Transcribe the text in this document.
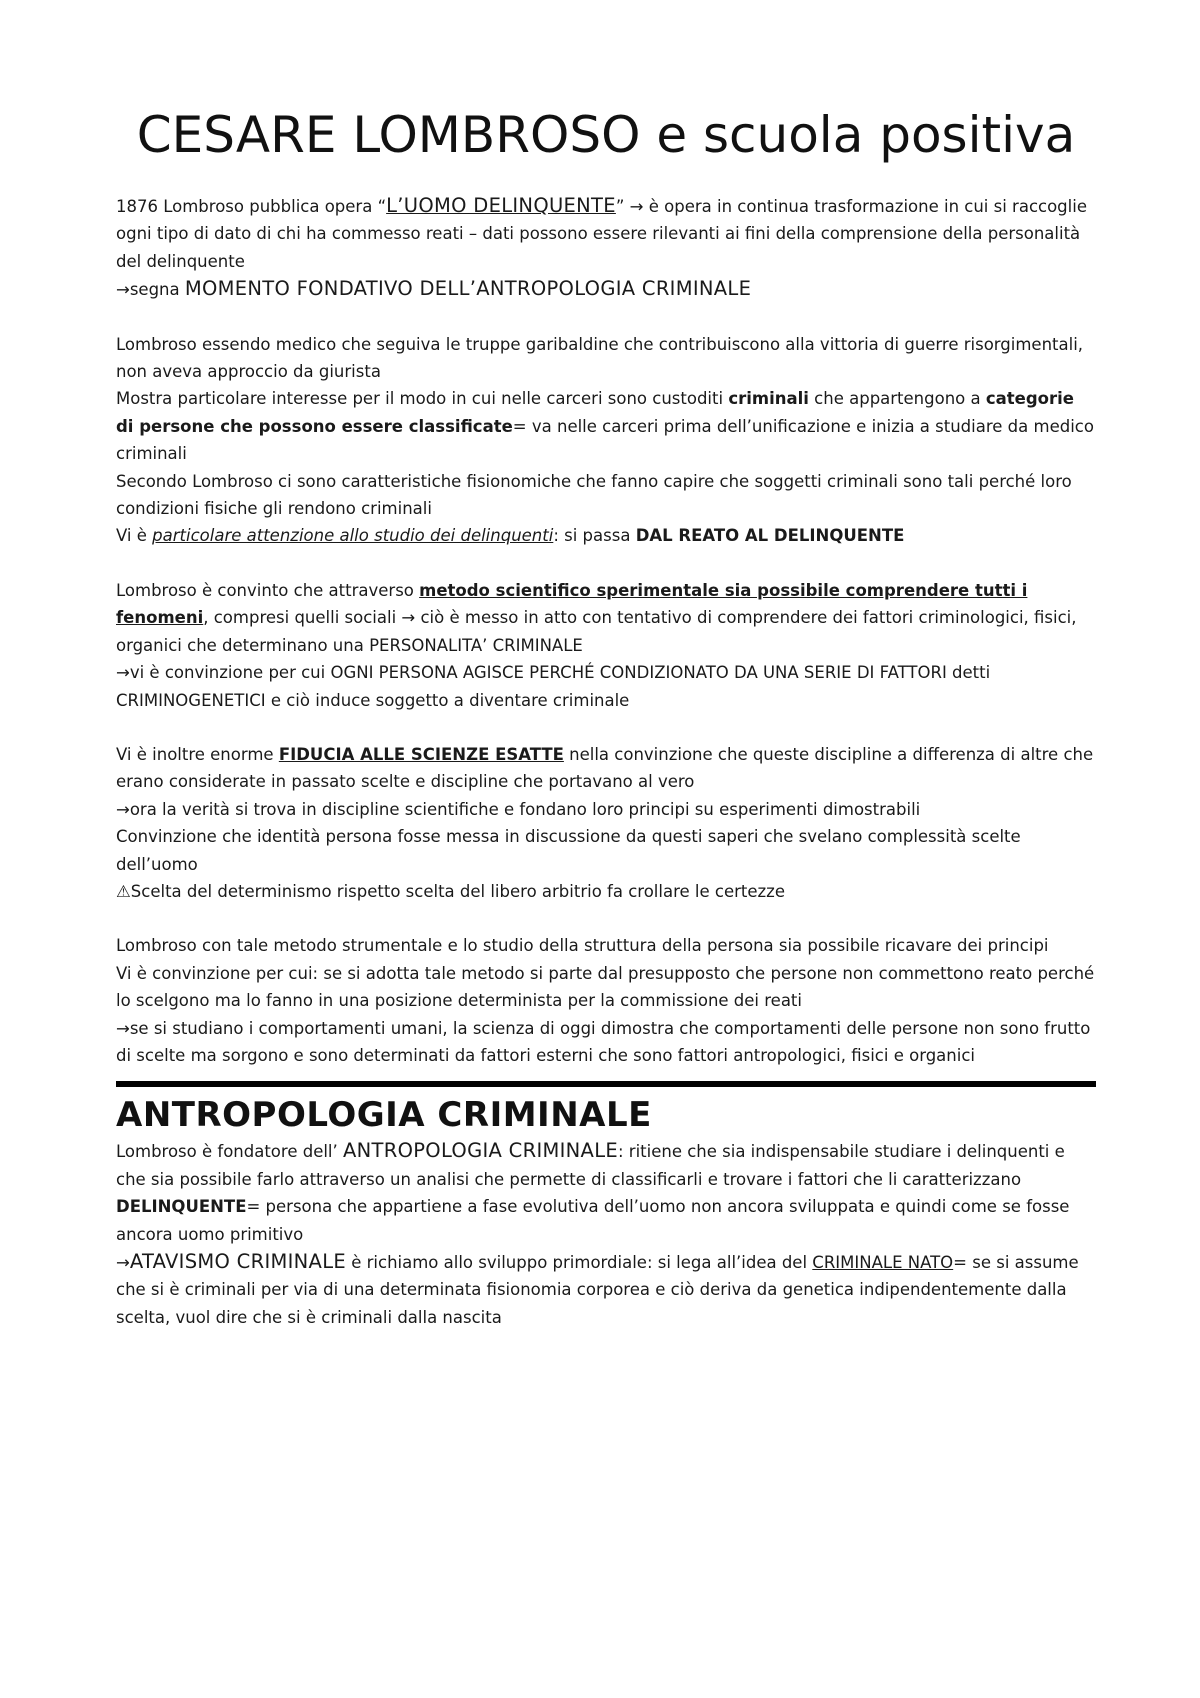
CESARE LOMBROSO e scuola positiva

1876 Lombroso pubblica opera “L’UOMO DELINQUENTE” → è opera in continua trasformazione in cui si raccoglie ogni tipo di dato di chi ha commesso reati – dati possono essere rilevanti ai fini della comprensione della personalità del delinquente

→segna MOMENTO FONDATIVO DELL’ANTROPOLOGIA CRIMINALE

Lombroso essendo medico che seguiva le truppe garibaldine che contribuiscono alla vittoria di guerre risorgimentali, non aveva approccio da giurista

Mostra particolare interesse per il modo in cui nelle carceri sono custoditi criminali che appartengono a categorie di persone che possono essere classificate= va nelle carceri prima dell’unificazione e inizia a studiare da medico criminali

Secondo Lombroso ci sono caratteristiche fisionomiche che fanno capire che soggetti criminali sono tali perché loro condizioni fisiche gli rendono criminali

Vi è particolare attenzione allo studio dei delinquenti: si passa DAL REATO AL DELINQUENTE

Lombroso è convinto che attraverso metodo scientifico sperimentale sia possibile comprendere tutti i fenomeni, compresi quelli sociali → ciò è messo in atto con tentativo di comprendere dei fattori criminologici, fisici, organici che determinano una PERSONALITA’ CRIMINALE

→vi è convinzione per cui OGNI PERSONA AGISCE PERCHÉ CONDIZIONATO DA UNA SERIE DI FATTORI detti CRIMINOGENETICI e ciò induce soggetto a diventare criminale

Vi è inoltre enorme FIDUCIA ALLE SCIENZE ESATTE nella convinzione che queste discipline a differenza di altre che erano considerate in passato scelte e discipline che portavano al vero

→ora la verità si trova in discipline scientifiche e fondano loro principi su esperimenti dimostrabili

Convinzione che identità persona fosse messa in discussione da questi saperi che svelano complessità scelte dell’uomo

⚠Scelta del determinismo rispetto scelta del libero arbitrio fa crollare le certezze

Lombroso con tale metodo strumentale e lo studio della struttura della persona sia possibile ricavare dei principi

Vi è convinzione per cui: se si adotta tale metodo si parte dal presupposto che persone non commettono reato perché lo scelgono ma lo fanno in una posizione determinista per la commissione dei reati

→se si studiano i comportamenti umani, la scienza di oggi dimostra che comportamenti delle persone non sono frutto di scelte ma sorgono e sono determinati da fattori esterni che sono fattori antropologici, fisici e organici

ANTROPOLOGIA CRIMINALE

Lombroso è fondatore dell’ ANTROPOLOGIA CRIMINALE: ritiene che sia indispensabile studiare i delinquenti e che sia possibile farlo attraverso un analisi che permette di classificarli e trovare i fattori che li caratterizzano

DELINQUENTE= persona che appartiene a fase evolutiva dell’uomo non ancora sviluppata e quindi come se fosse ancora uomo primitivo

→ATAVISMO CRIMINALE è richiamo allo sviluppo primordiale: si lega all’idea del CRIMINALE NATO= se si assume che si è criminali per via di una determinata fisionomia corporea e ciò deriva da genetica indipendentemente dalla scelta, vuol dire che si è criminali dalla nascita
